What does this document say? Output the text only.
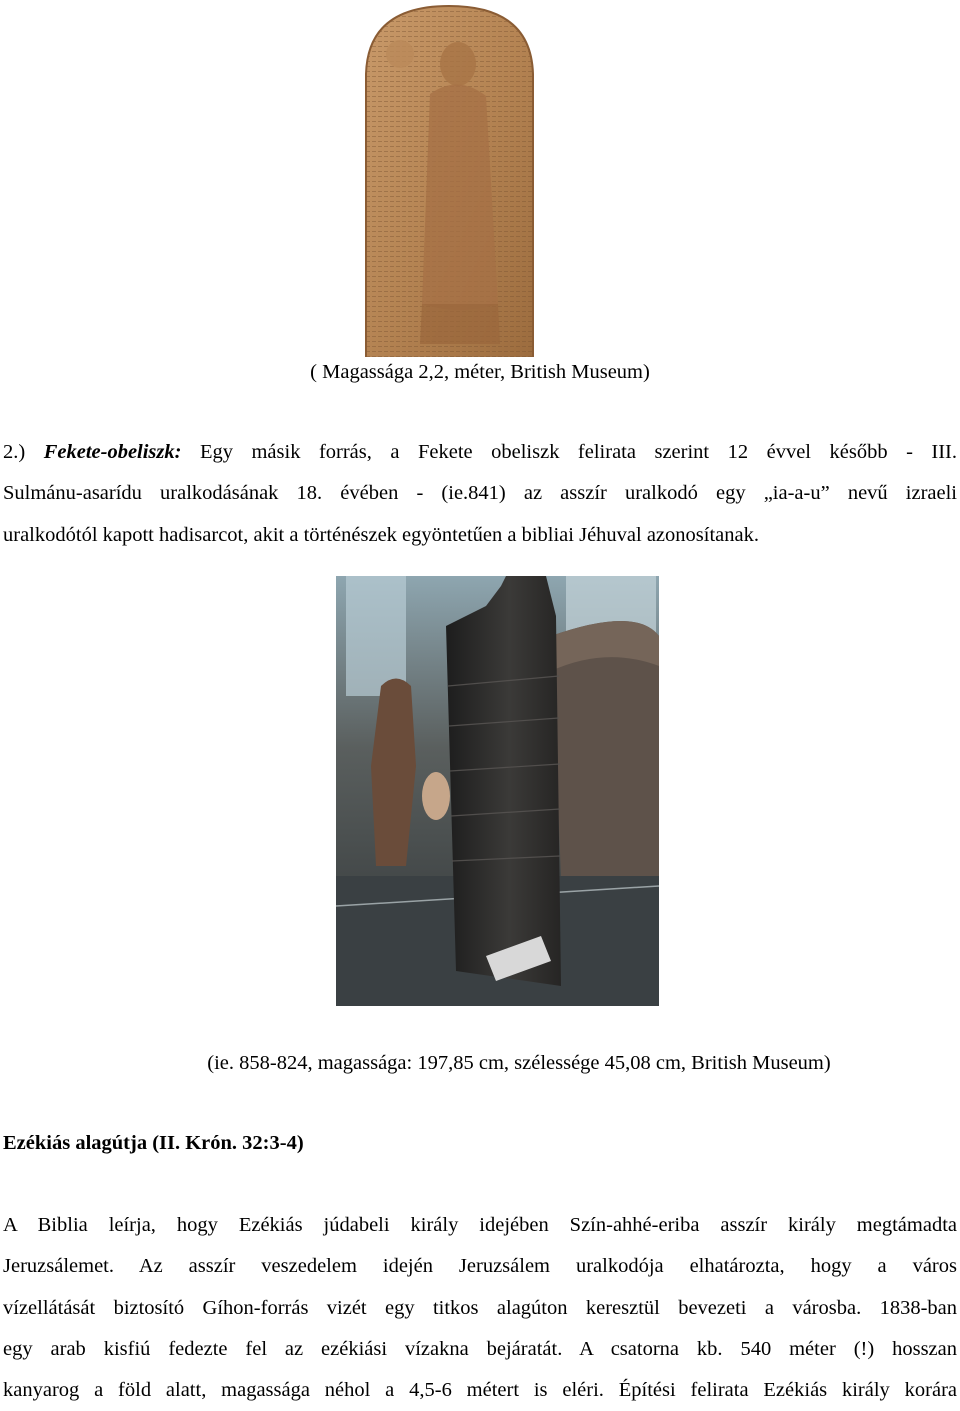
( Magassága 2,2, méter, British Museum)
2.) Fekete-obeliszk: Egy másik forrás, a Fekete obeliszk felirata szerint 12 évvel később - III.
Sulmánu-asarídu uralkodásának 18. évében - (ie.841) az asszír uralkodó egy „ia-a-u” nevű izraeli
uralkodótól kapott hadisarcot, akit a történészek egyöntetűen a bibliai Jéhuval azonosítanak.
(ie. 858-824, magassága: 197,85 cm, szélessége 45,08 cm, British Museum)
Ezékiás alagútja (II. Krón. 32:3-4)
A Biblia leírja, hogy Ezékiás júdabeli király idejében Szín-ahhé-eriba asszír király megtámadta
Jeruzsálemet. Az asszír veszedelem idején Jeruzsálem uralkodója elhatározta, hogy a város
vízellátását biztosító Gíhon-forrás vizét egy titkos alagúton keresztül bevezeti a városba. 1838-ban
egy arab kisfiú fedezte fel az ezékiási vízakna bejáratát. A csatorna kb. 540 méter (!) hosszan
kanyarog a föld alatt, magassága néhol a 4,5-6 métert is eléri. Építési felirata Ezékiás király korára
